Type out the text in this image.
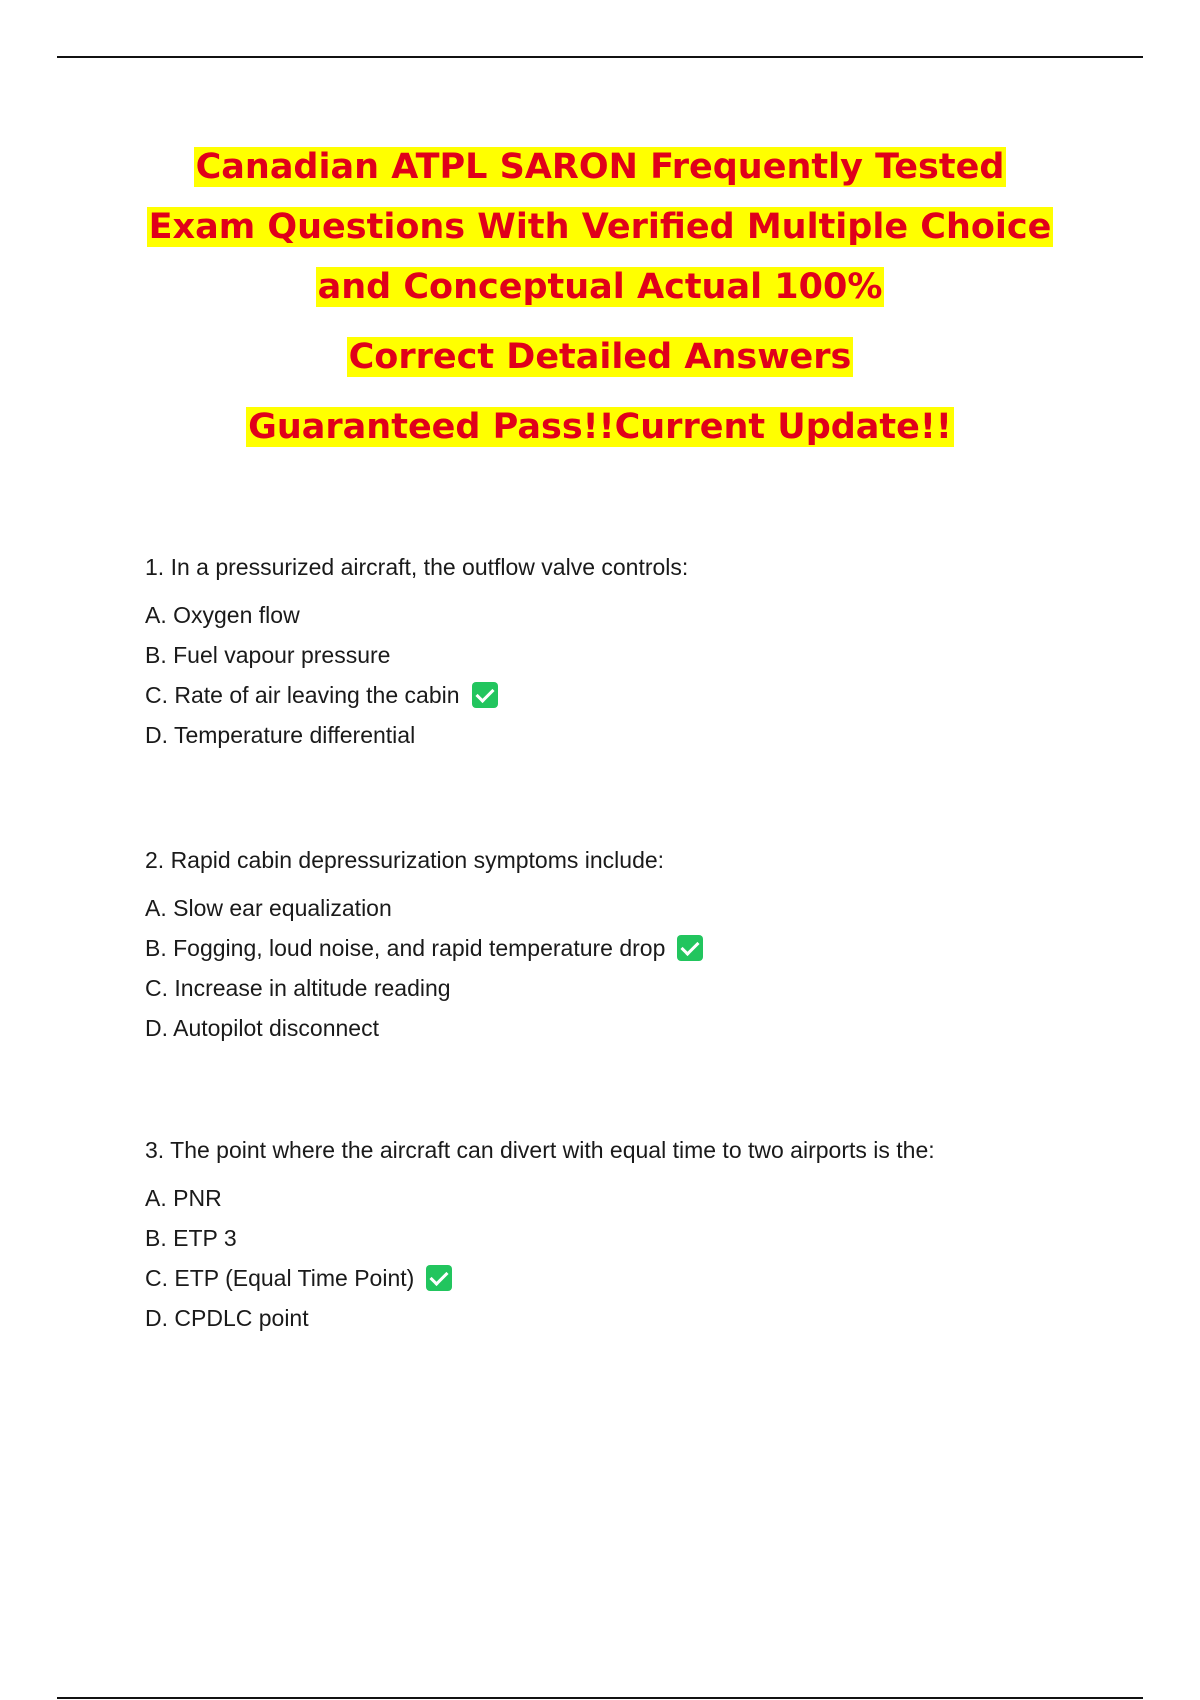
Canadian ATPL SARON Frequently Tested
Exam Questions With Verified Multiple Choice
and Conceptual Actual 100%
Correct Detailed Answers
Guaranteed Pass!!Current Update!!
1. In a pressurized aircraft, the outflow valve controls:
A. Oxygen flow
B. Fuel vapour pressure
C. Rate of air leaving the cabin
D. Temperature differential
2. Rapid cabin depressurization symptoms include:
A. Slow ear equalization
B. Fogging, loud noise, and rapid temperature drop
C. Increase in altitude reading
D. Autopilot disconnect
3. The point where the aircraft can divert with equal time to two airports is the:
A. PNR
B. ETP 3
C. ETP (Equal Time Point)
D. CPDLC point
